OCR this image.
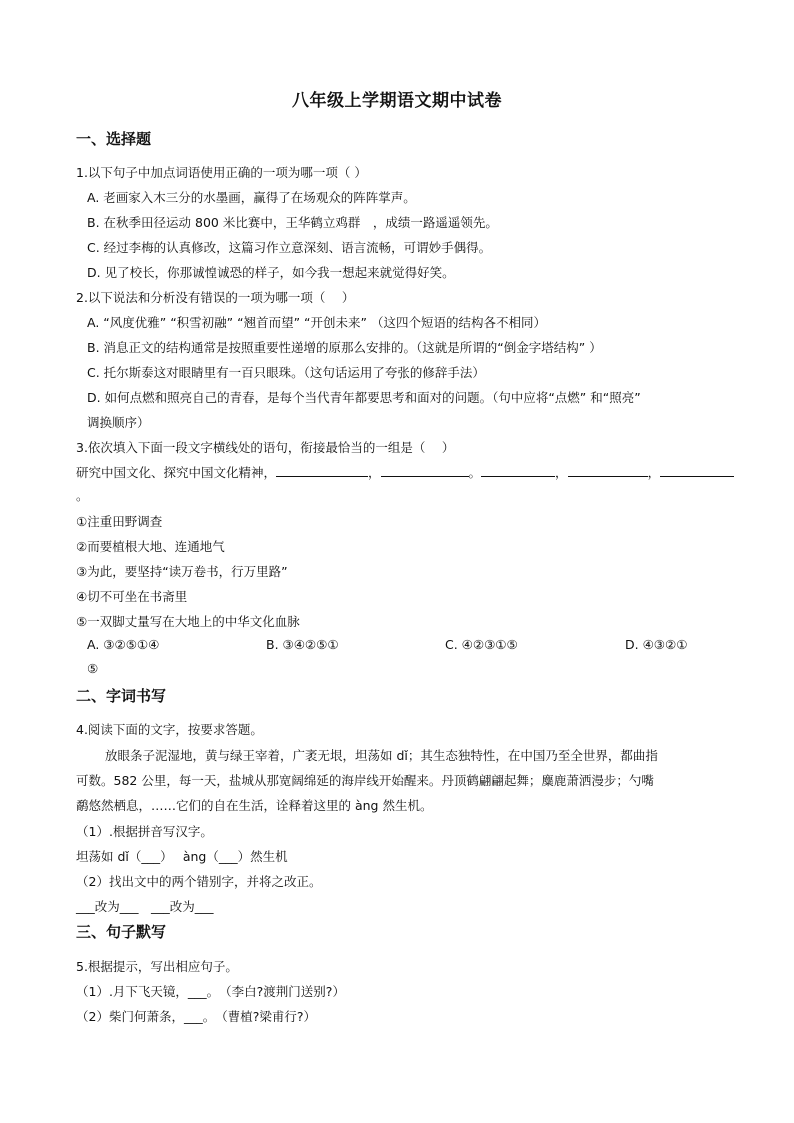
八年级上学期语文期中试卷
一、选择题
1.以下句子中加点词语使用正确的一项为哪一项（ ）
A. 老画家入木三分的水墨画，赢得了在场观众的阵阵掌声。
B. 在秋季田径运动 800 米比赛中，王华鹤立鸡群　，成绩一路遥遥领先。
C. 经过李梅的认真修改，这篇习作立意深刻、语言流畅，可谓妙手偶得。
D. 见了校长，你那诚惶诚恐的样子，如今我一想起来就觉得好笑。
2.以下说法和分析没有错误的一项为哪一项（　 ）
A. “风度优雅” “积雪初融” “翘首而望” “开创未来” （这四个短语的结构各不相同）
B. 消息正文的结构通常是按照重要性递增的原那么安排的。（这就是所谓的“倒金字塔结构” ）
C. 托尔斯泰这对眼睛里有一百只眼珠。（这句话运用了夸张的修辞手法）
D. 如何点燃和照亮自己的青春，是每个当代青年都要思考和面对的问题。（句中应将“点燃” 和“照亮”
调换顺序）
3.依次填入下面一段文字横线处的语句，衔接最恰当的一组是（　 ）
研究中国文化、探究中国文化精神，	，	。	，	，
。
①注重田野调查
②而要植根大地、连通地气
③为此，要坚持“读万卷书，行万里路”
④切不可坐在书斋里
⑤一双脚丈量写在大地上的中华文化血脉
A. ③②⑤①④	B. ③④②⑤①	C. ④②③①⑤	D. ④③②①
⑤
二、字词书写
4.阅读下面的文字，按要求答题。
放眼条子泥湿地，黄与绿王宰着，广袤无垠，坦荡如 dǐ；其生态独特性，在中国乃至全世界，都曲指
可数。582 公里，每一天，盐城从那宽阔绵延的海岸线开始醒来。丹顶鹤翩翩起舞；麋鹿萧洒漫步；勺嘴
鹬悠然栖息，……它们的自在生活，诠释着这里的 àng 然生机。
（1）.根据拼音写汉字。
坦荡如 dǐ（___）　 àng（___）然生机
（2）找出文中的两个错别字，并将之改正。
___改为___　___改为___
三、句子默写
5.根据提示，写出相应句子。
（1）.月下飞天镜，___。　（李白?渡荆门送别?）
（2）柴门何萧条，___。　（曹植?梁甫行?）
